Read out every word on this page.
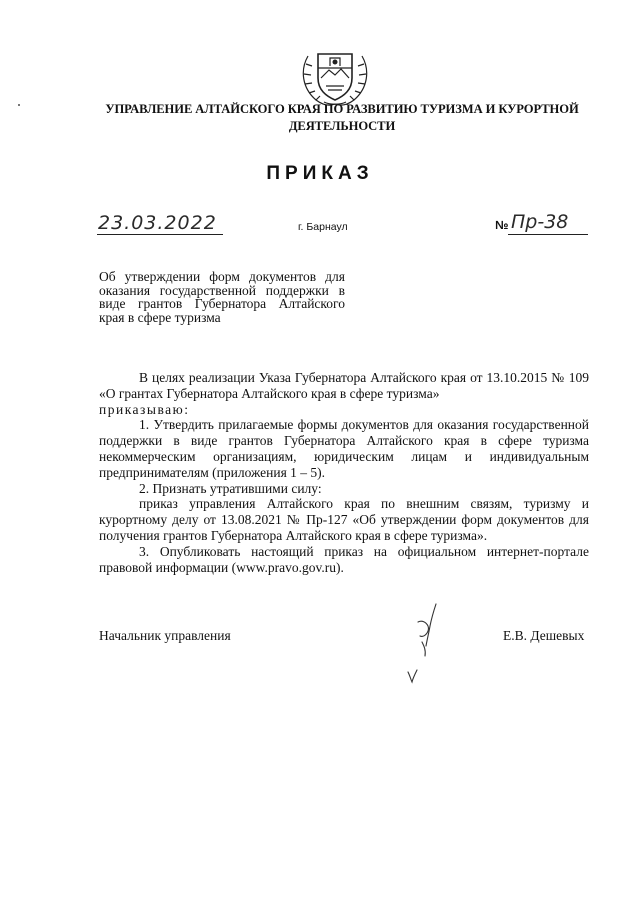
УПРАВЛЕНИЕ АЛТАЙСКОГО КРАЯ ПО РАЗВИТИЮ ТУРИЗМА И КУРОРТНОЙ ДЕЯТЕЛЬНОСТИ
ПРИКАЗ
23.03.2022	г. Барнаул	№ Пр-38
Об утверждении форм документов для оказания государственной поддержки в виде грантов Губернатора Алтайского края в сфере туризма

В целях реализации Указа Губернатора Алтайского края от 13.10.2015 № 109 «О грантах Губернатора Алтайского края в сфере туризма»

приказываю:

1. Утвердить прилагаемые формы документов для оказания государственной поддержки в виде грантов Губернатора Алтайского края в сфере туризма некоммерческим организациям, юридическим лицам и индивидуальным предпринимателям (приложения 1 – 5).

2. Признать утратившими силу:

приказ управления Алтайского края по внешним связям, туризму и курортному делу от 13.08.2021 № Пр-127 «Об утверждении форм документов для получения грантов Губернатора Алтайского края в сфере туризма».

3. Опубликовать настоящий приказ на официальном интернет-портале правовой информации (www.pravo.gov.ru).

Начальник управления	Е.В. Дешевых
